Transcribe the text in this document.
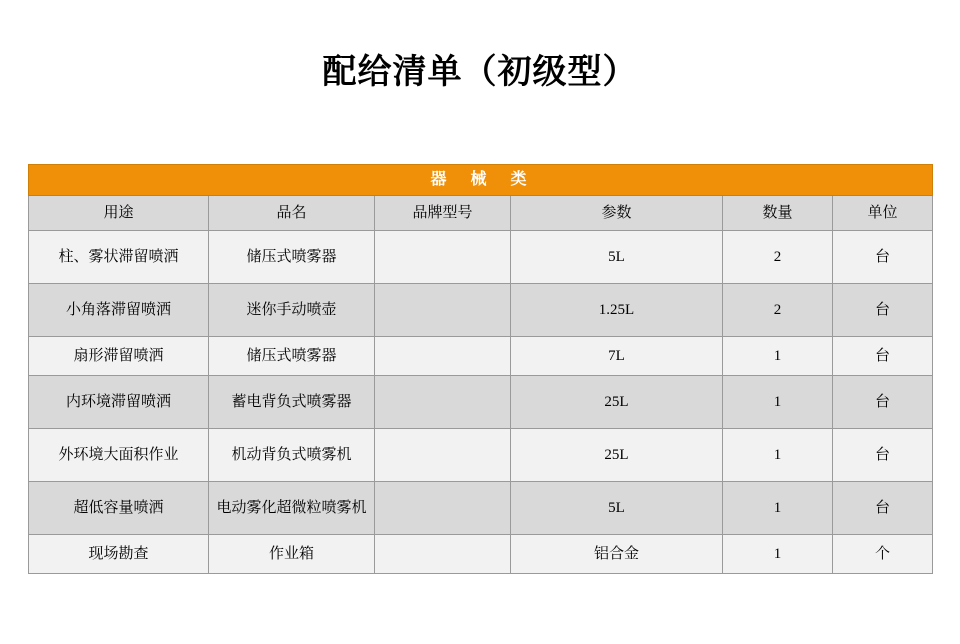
配给清单（初级型）
器　械　类					
用途	品名	品牌型号	参数	数量	单位
柱、雾状滞留喷洒	储压式喷雾器		5L	2	台
小角落滞留喷洒	迷你手动喷壶		1.25L	2	台
扇形滞留喷洒	储压式喷雾器		7L	1	台
内环境滞留喷洒	蓄电背负式喷雾器		25L	1	台
外环境大面积作业	机动背负式喷雾机		25L	1	台
超低容量喷洒	电动雾化超微粒喷雾机		5L	1	台
现场勘查	作业箱		铝合金	1	个
